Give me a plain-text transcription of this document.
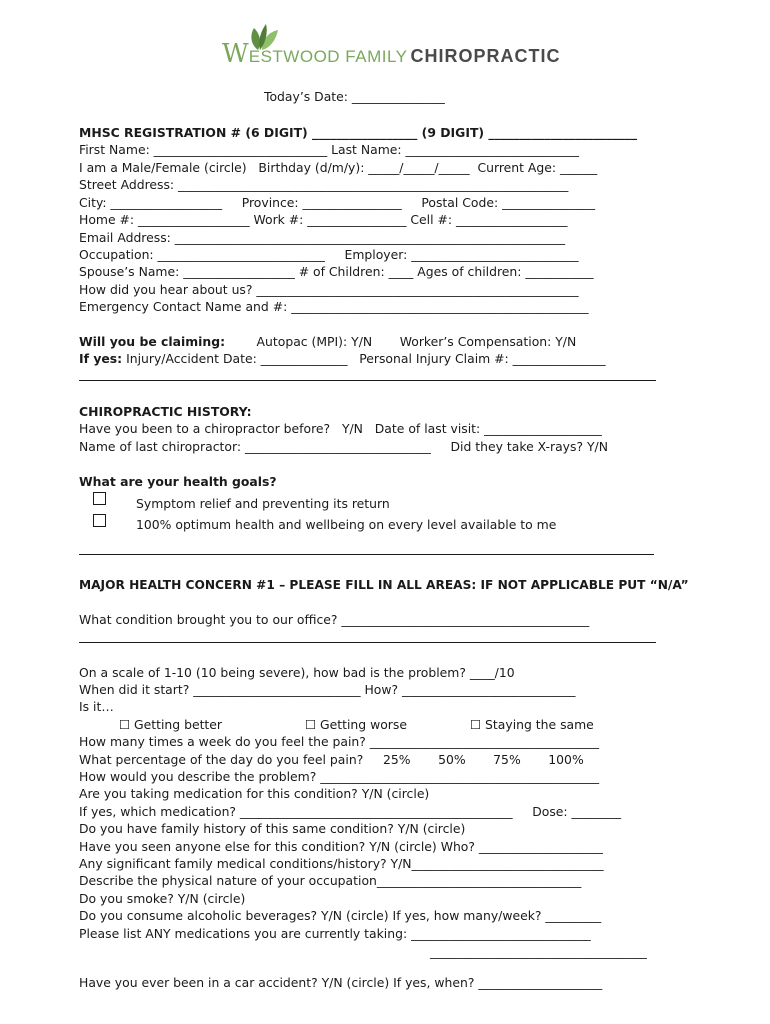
WESTWOOD FAMILY CHIROPRACTIC
Today’s Date: _______________
MHSC REGISTRATION # (6 DIGIT) _________________ (9 DIGIT) ________________________
First Name: ____________________________ Last Name: ____________________________
I am a Male/Female (circle)   Birthday (d/m/y): _____/_____/_____  Current Age: ______
Street Address: _______________________________________________________________
City: __________________     Province: ________________     Postal Code: _______________
Home #: __________________ Work #: ________________ Cell #: __________________
Email Address: _______________________________________________________________
Occupation: ___________________________     Employer: ___________________________
Spouse’s Name: __________________ # of Children: ____ Ages of children: ___________
How did you hear about us? ____________________________________________________
Emergency Contact Name and #: ________________________________________________
Will you be claiming:        Autopac (MPI): Y/N       Worker’s Compensation: Y/N
If yes: Injury/Accident Date: ______________   Personal Injury Claim #: _______________
CHIROPRACTIC HISTORY:
Have you been to a chiropractor before?   Y/N   Date of last visit: ___________________
Name of last chiropractor: ______________________________     Did they take X-rays? Y/N
What are your health goals?
Symptom relief and preventing its return
100% optimum health and wellbeing on every level available to me
MAJOR HEALTH CONCERN #1 – PLEASE FILL IN ALL AREAS: IF NOT APPLICABLE PUT “N/A”
What condition brought you to our office? ________________________________________
On a scale of 1-10 (10 being severe), how bad is the problem? ____/10
When did it start? ___________________________ How? ____________________________
Is it…
☐ Getting better	☐ Getting worse	☐ Staying the same
How many times a week do you feel the pain? _____________________________________
What percentage of the day do you feel pain?     25%       50%       75%       100%
How would you describe the problem? _____________________________________________
Are you taking medication for this condition? Y/N (circle)
If yes, which medication? ____________________________________________     Dose: ________
Do you have family history of this same condition? Y/N (circle)
Have you seen anyone else for this condition? Y/N (circle) Who? ____________________
Any significant family medical conditions/history? Y/N_______________________________
Describe the physical nature of your occupation_________________________________
Do you smoke? Y/N (circle)
Do you consume alcoholic beverages? Y/N (circle) If yes, how many/week? _________
Please list ANY medications you are currently taking: _____________________________
___________________________________
Have you ever been in a car accident? Y/N (circle) If yes, when? ____________________
